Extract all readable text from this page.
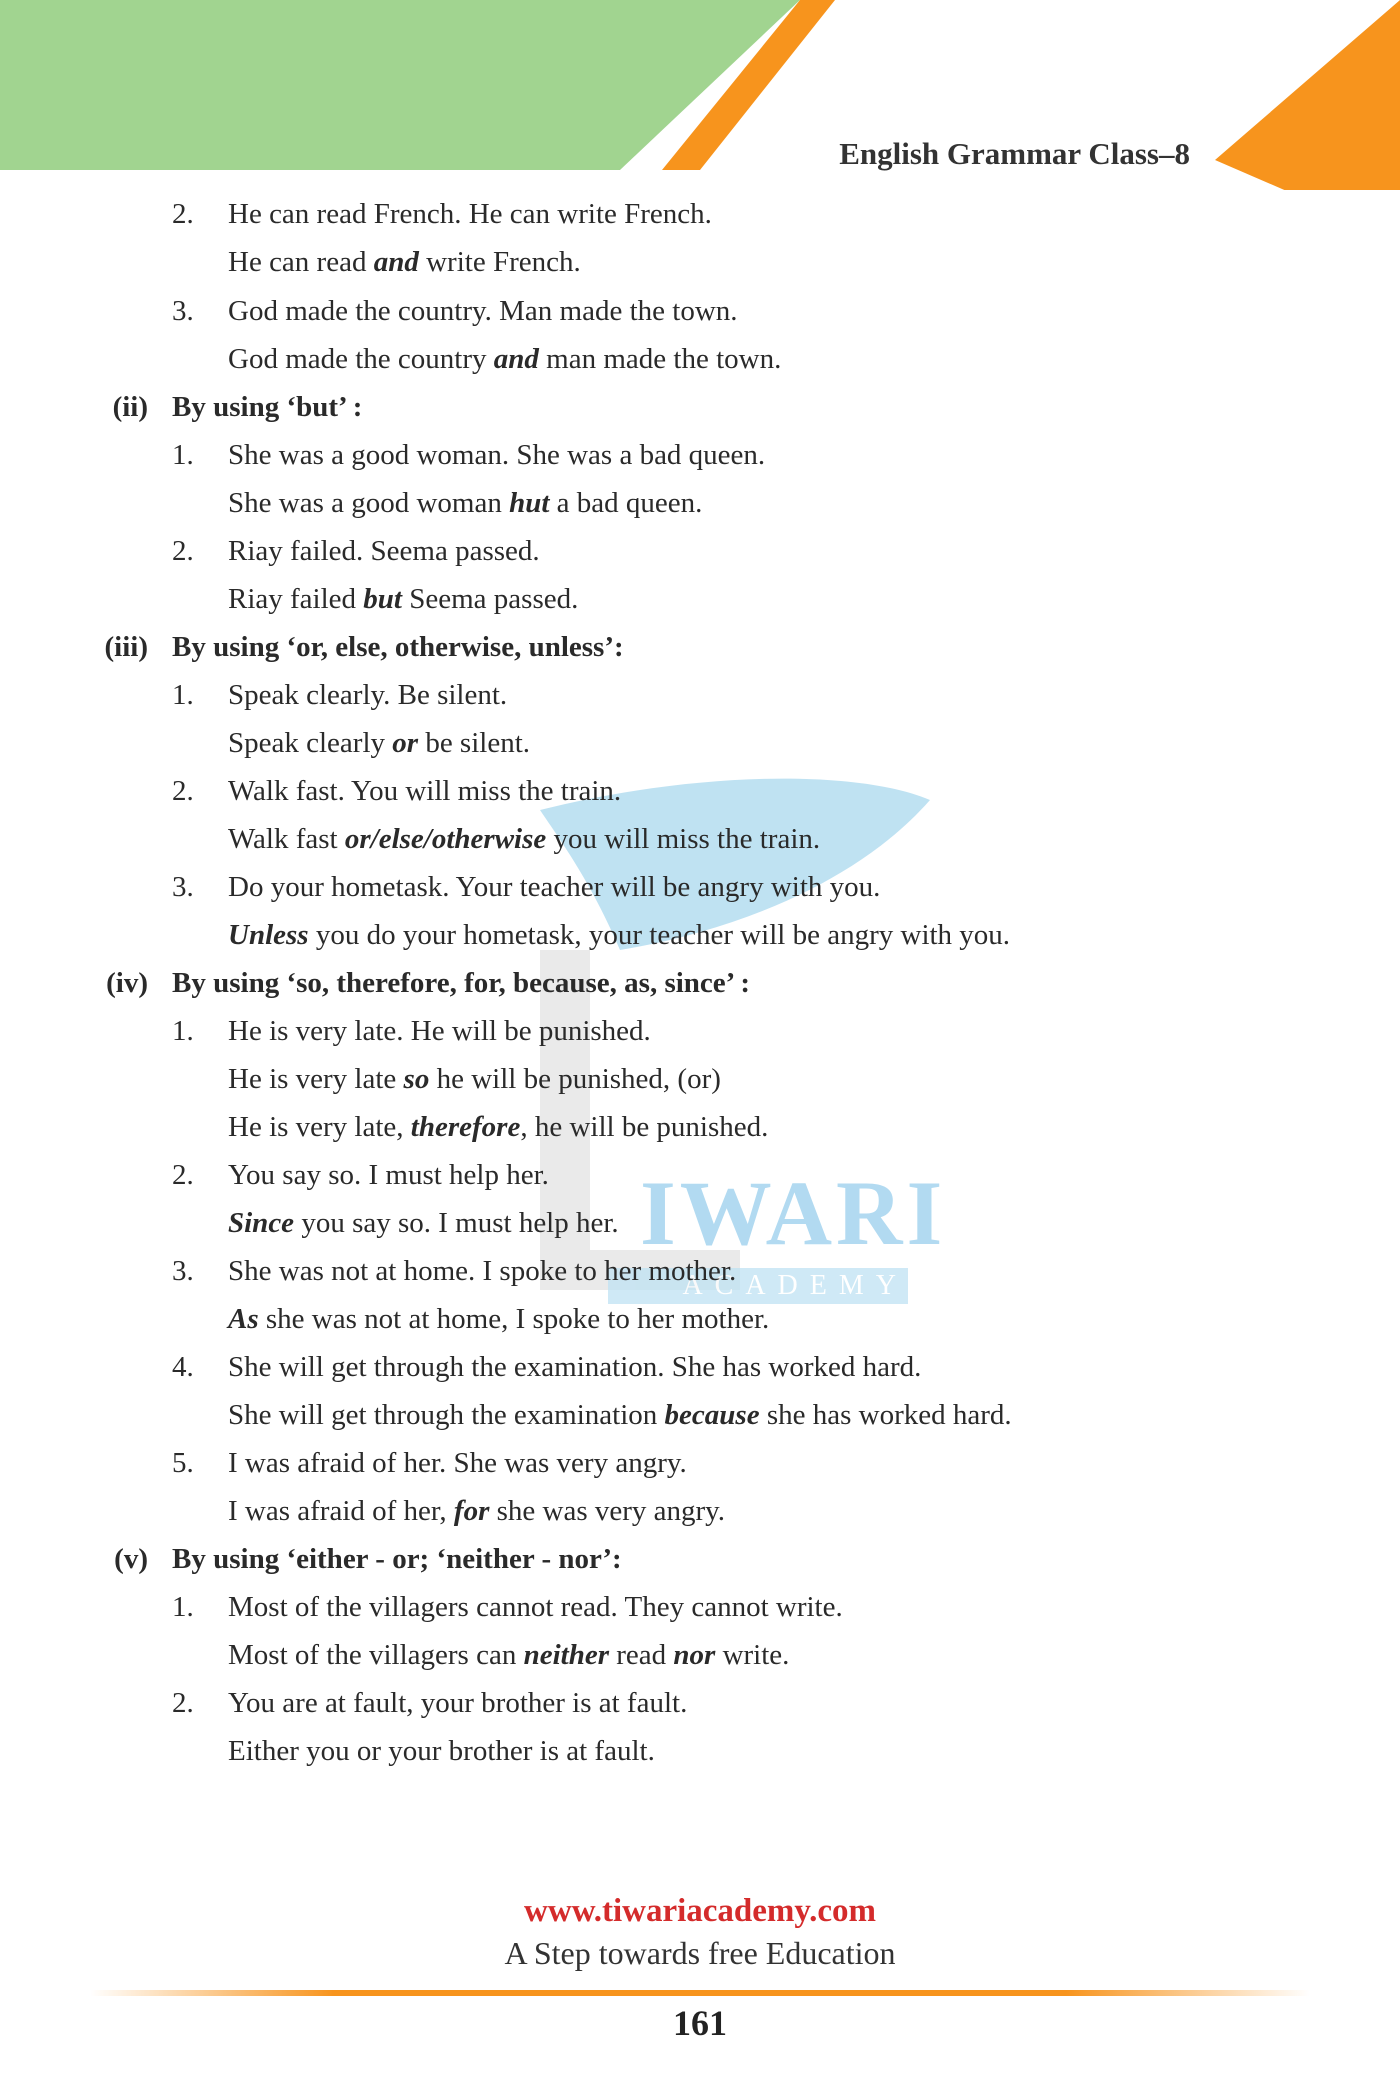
English Grammar Class–8
IWARI
ACADEMY
2. He can read French. He can write French.
He can read and write French.
3. God made the country. Man made the town.
God made the country and man made the town.
(ii) By using ‘but’ :
1. She was a good woman. She was a bad queen.
She was a good woman hut a bad queen.
2. Riay failed. Seema passed.
Riay failed but Seema passed.
(iii) By using ‘or, else, otherwise, unless’:
1. Speak clearly. Be silent.
Speak clearly or be silent.
2. Walk fast. You will miss the train.
Walk fast or/else/otherwise you will miss the train.
3. Do your hometask. Your teacher will be angry with you.
Unless you do your hometask, your teacher will be angry with you.
(iv) By using ‘so, therefore, for, because, as, since’ :
1. He is very late. He will be punished.
He is very late so he will be punished, (or)
He is very late, therefore, he will be punished.
2. You say so. I must help her.
Since you say so. I must help her.
3. She was not at home. I spoke to her mother.
As she was not at home, I spoke to her mother.
4. She will get through the examination. She has worked hard.
She will get through the examination because she has worked hard.
5. I was afraid of her. She was very angry.
I was afraid of her, for she was very angry.
(v) By using ‘either - or; ‘neither - nor’:
1. Most of the villagers cannot read. They cannot write.
Most of the villagers can neither read nor write.
2. You are at fault, your brother is at fault.
Either you or your brother is at fault.
www.tiwariacademy.com
A Step towards free Education
161
